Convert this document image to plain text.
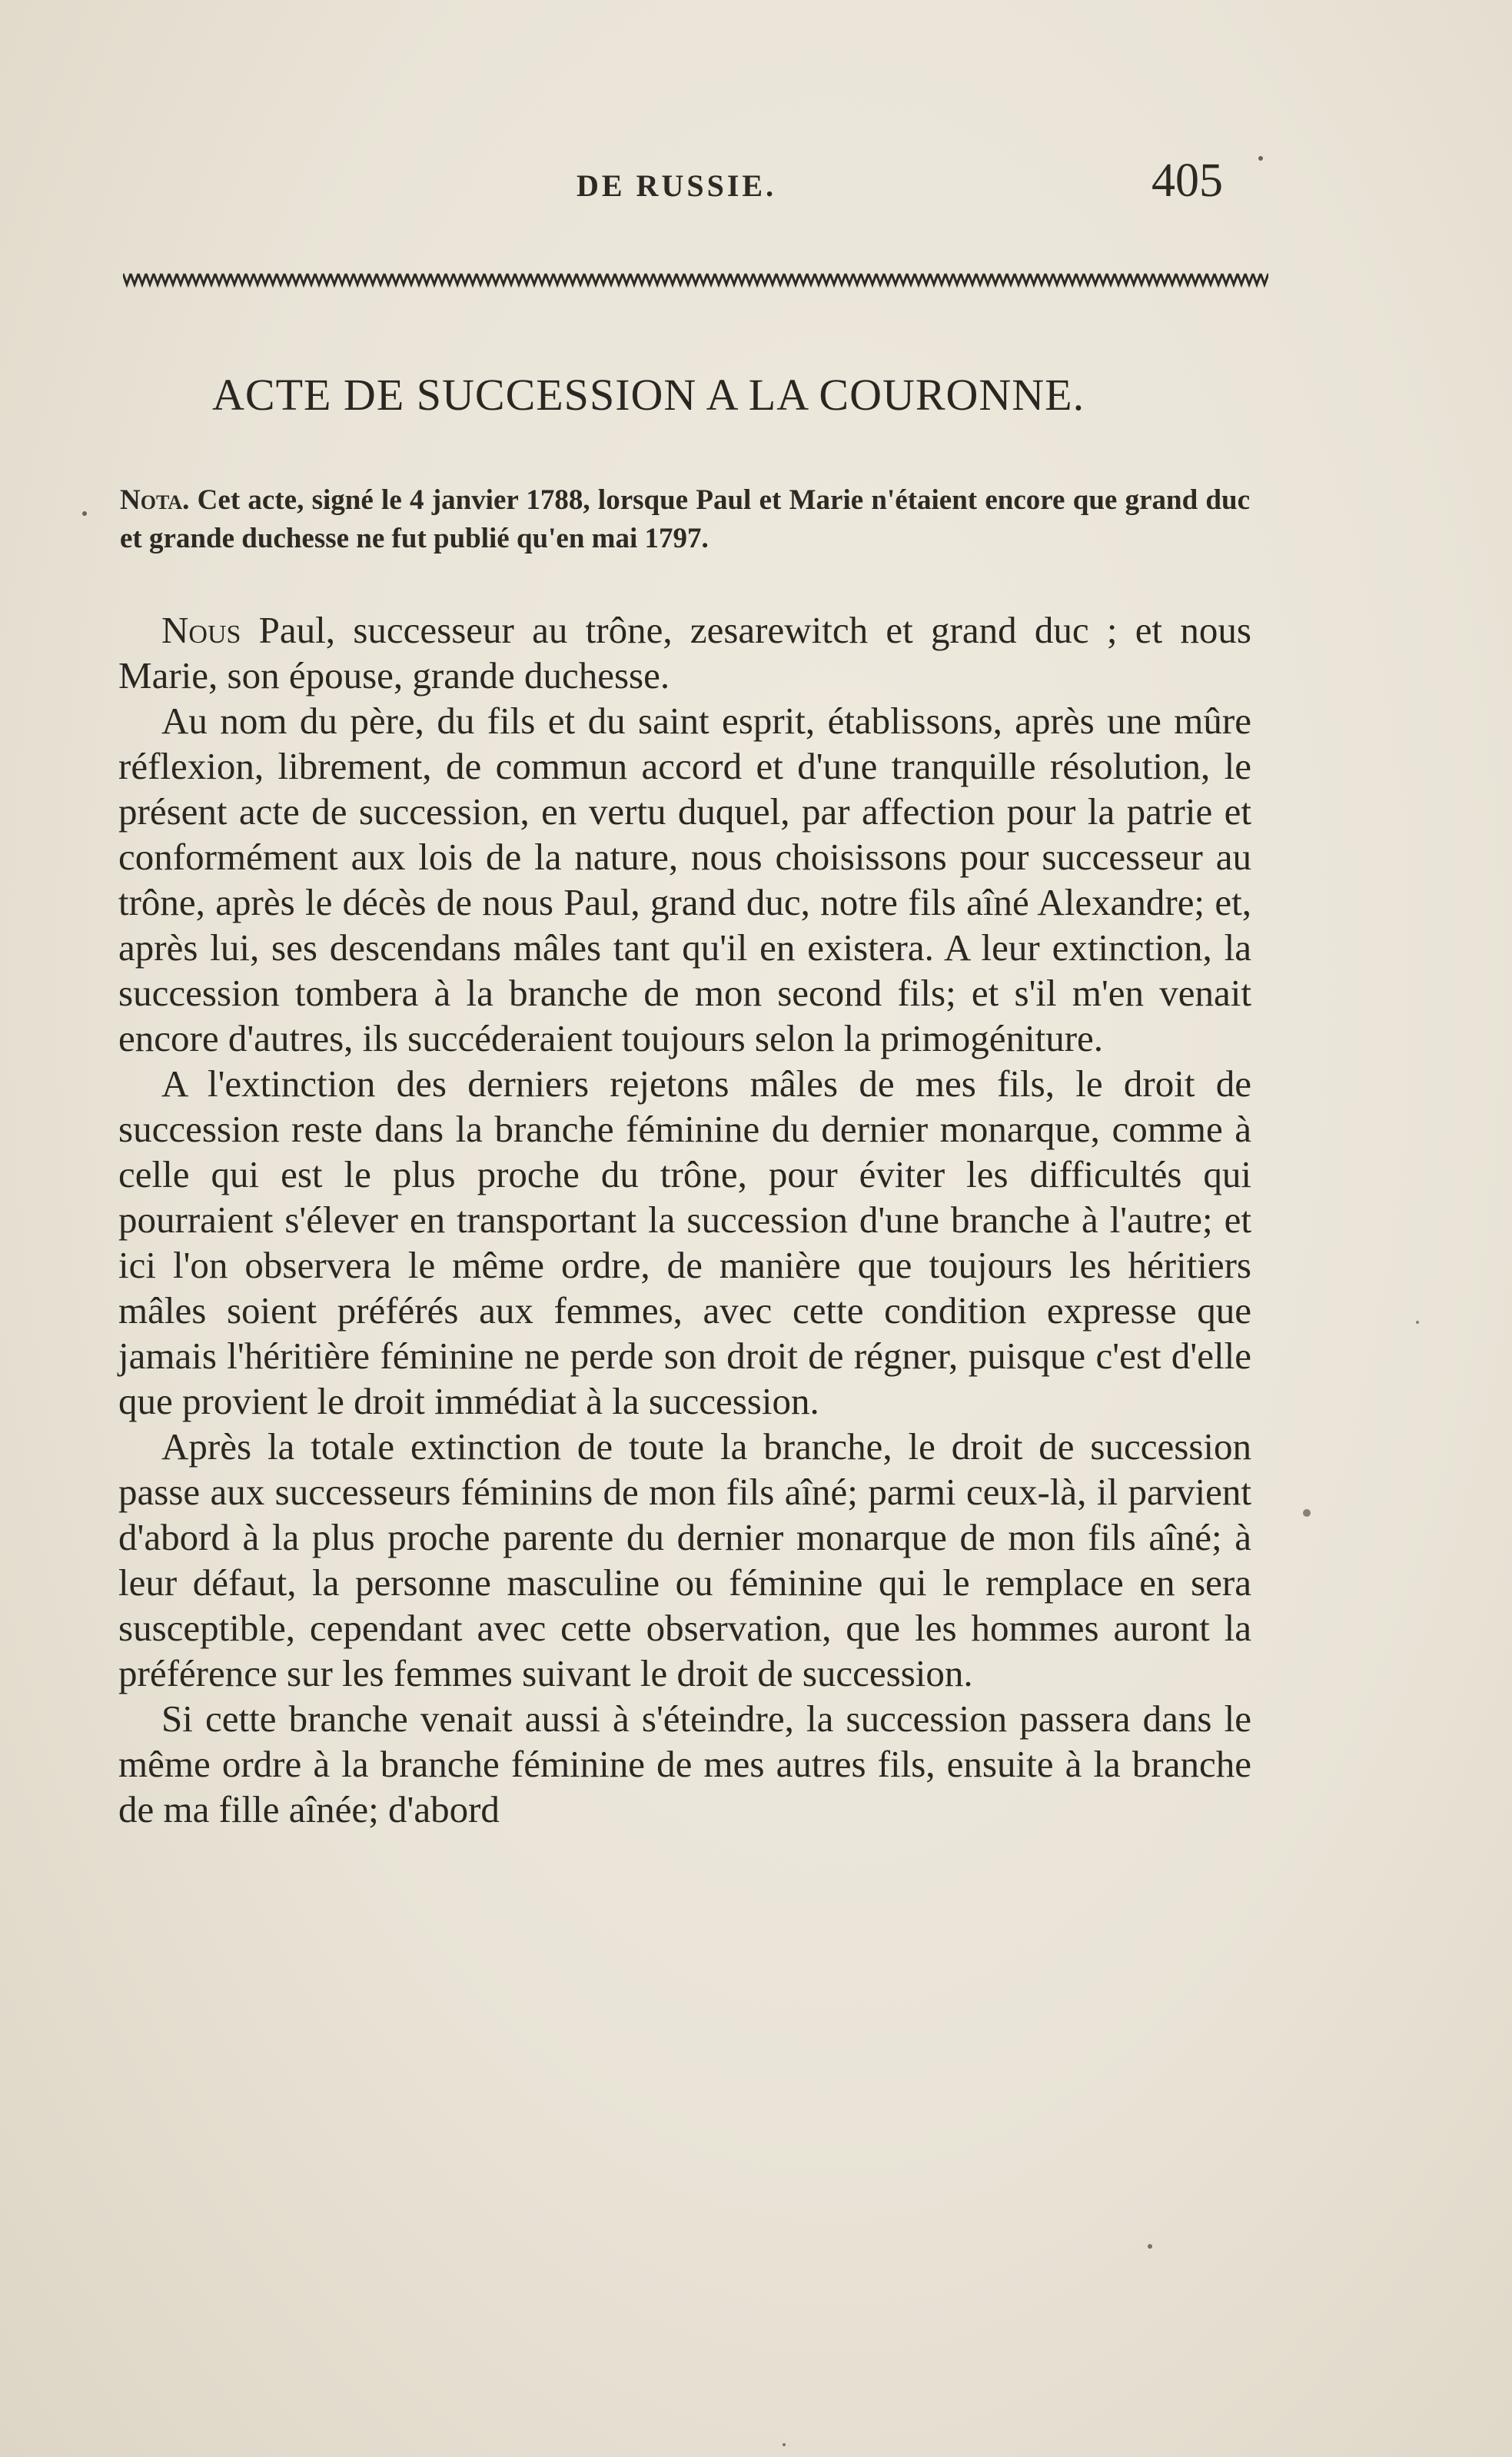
DE RUSSIE.	405
ACTE DE SUCCESSION A LA COURONNE.
Nota. Cet acte, signé le 4 janvier 1788, lorsque Paul et Marie n'étaient encore que grand duc et grande duchesse ne fut publié qu'en mai 1797.

Nous Paul, successeur au trône, zesarewitch et grand duc ; et nous Marie, son épouse, grande duchesse.

Au nom du père, du fils et du saint esprit, établissons, après une mûre réflexion, librement, de commun accord et d'une tranquille résolution, le présent acte de succession, en vertu duquel, par affection pour la patrie et conformément aux lois de la nature, nous choisissons pour successeur au trône, après le décès de nous Paul, grand duc, notre fils aîné Alexandre; et, après lui, ses descendans mâles tant qu'il en existera. A leur extinction, la succession tombera à la branche de mon second fils; et s'il m'en venait encore d'autres, ils succéderaient toujours selon la primogéniture.

A l'extinction des derniers rejetons mâles de mes fils, le droit de succession reste dans la branche féminine du dernier monarque, comme à celle qui est le plus proche du trône, pour éviter les difficultés qui pourraient s'élever en transportant la succession d'une branche à l'autre; et ici l'on observera le même ordre, de manière que toujours les héritiers mâles soient préférés aux femmes, avec cette condition expresse que jamais l'héritière féminine ne perde son droit de régner, puisque c'est d'elle que provient le droit immédiat à la succession.

Après la totale extinction de toute la branche, le droit de succession passe aux successeurs féminins de mon fils aîné; parmi ceux-là, il parvient d'abord à la plus proche parente du dernier monarque de mon fils aîné; à leur défaut, la personne masculine ou féminine qui le remplace en sera susceptible, cependant avec cette observation, que les hommes auront la préférence sur les femmes suivant le droit de succession.

Si cette branche venait aussi à s'éteindre, la succession passera dans le même ordre à la branche féminine de mes autres fils, ensuite à la branche de ma fille aînée; d'abord
